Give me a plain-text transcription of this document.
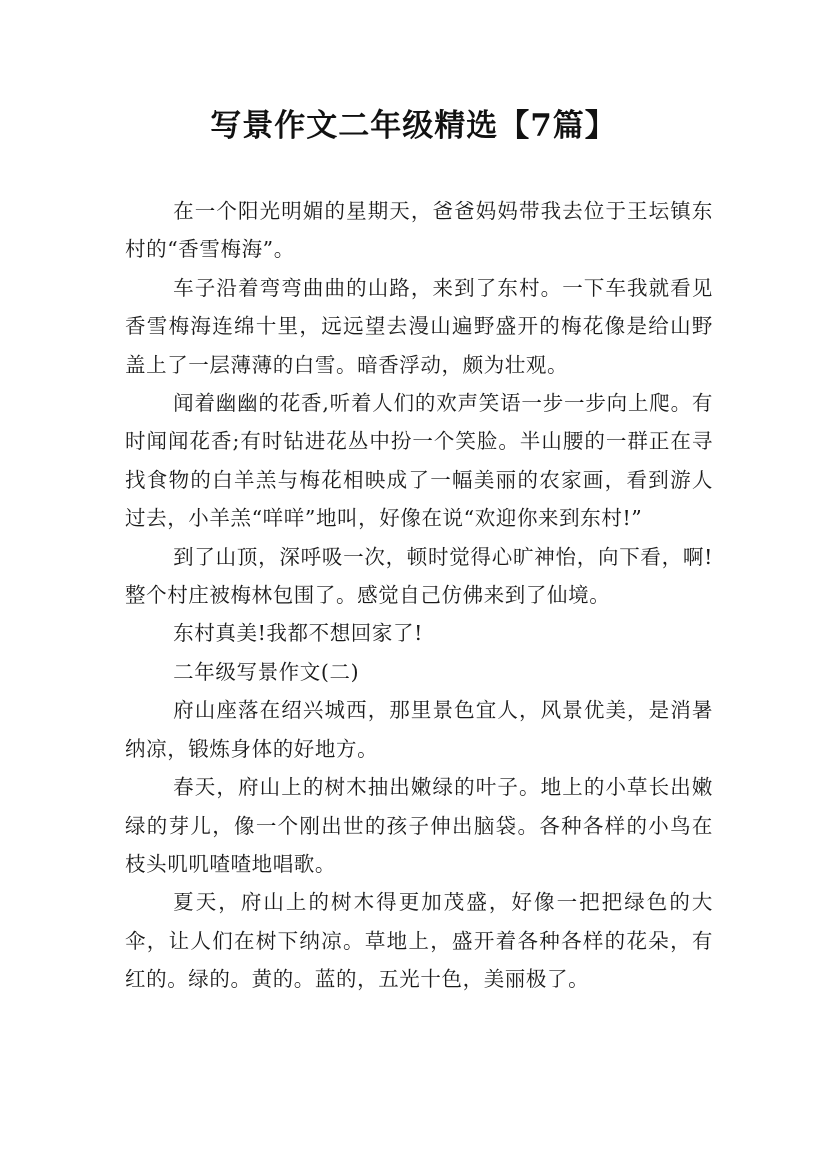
写景作文二年级精选【7篇】

在一个阳光明媚的星期天，爸爸妈妈带我去位于王坛镇东村的“香雪梅海”。

车子沿着弯弯曲曲的山路，来到了东村。一下车我就看见香雪梅海连绵十里，远远望去漫山遍野盛开的梅花像是给山野盖上了一层薄薄的白雪。暗香浮动，颇为壮观。

闻着幽幽的花香,听着人们的欢声笑语一步一步向上爬。有时闻闻花香;有时钻进花丛中扮一个笑脸。半山腰的一群正在寻找食物的白羊羔与梅花相映成了一幅美丽的农家画，看到游人过去，小羊羔“咩咩”地叫，好像在说“欢迎你来到东村!”

到了山顶，深呼吸一次，顿时觉得心旷神怡，向下看，啊!整个村庄被梅林包围了。感觉自己仿佛来到了仙境。

东村真美!我都不想回家了!

二年级写景作文(二)

府山座落在绍兴城西，那里景色宜人，风景优美，是消暑纳凉，锻炼身体的好地方。

春天，府山上的树木抽出嫩绿的叶子。地上的小草长出嫩绿的芽儿，像一个刚出世的孩子伸出脑袋。各种各样的小鸟在枝头叽叽喳喳地唱歌。

夏天，府山上的树木得更加茂盛，好像一把把绿色的大伞，让人们在树下纳凉。草地上，盛开着各种各样的花朵，有红的。绿的。黄的。蓝的，五光十色，美丽极了。
